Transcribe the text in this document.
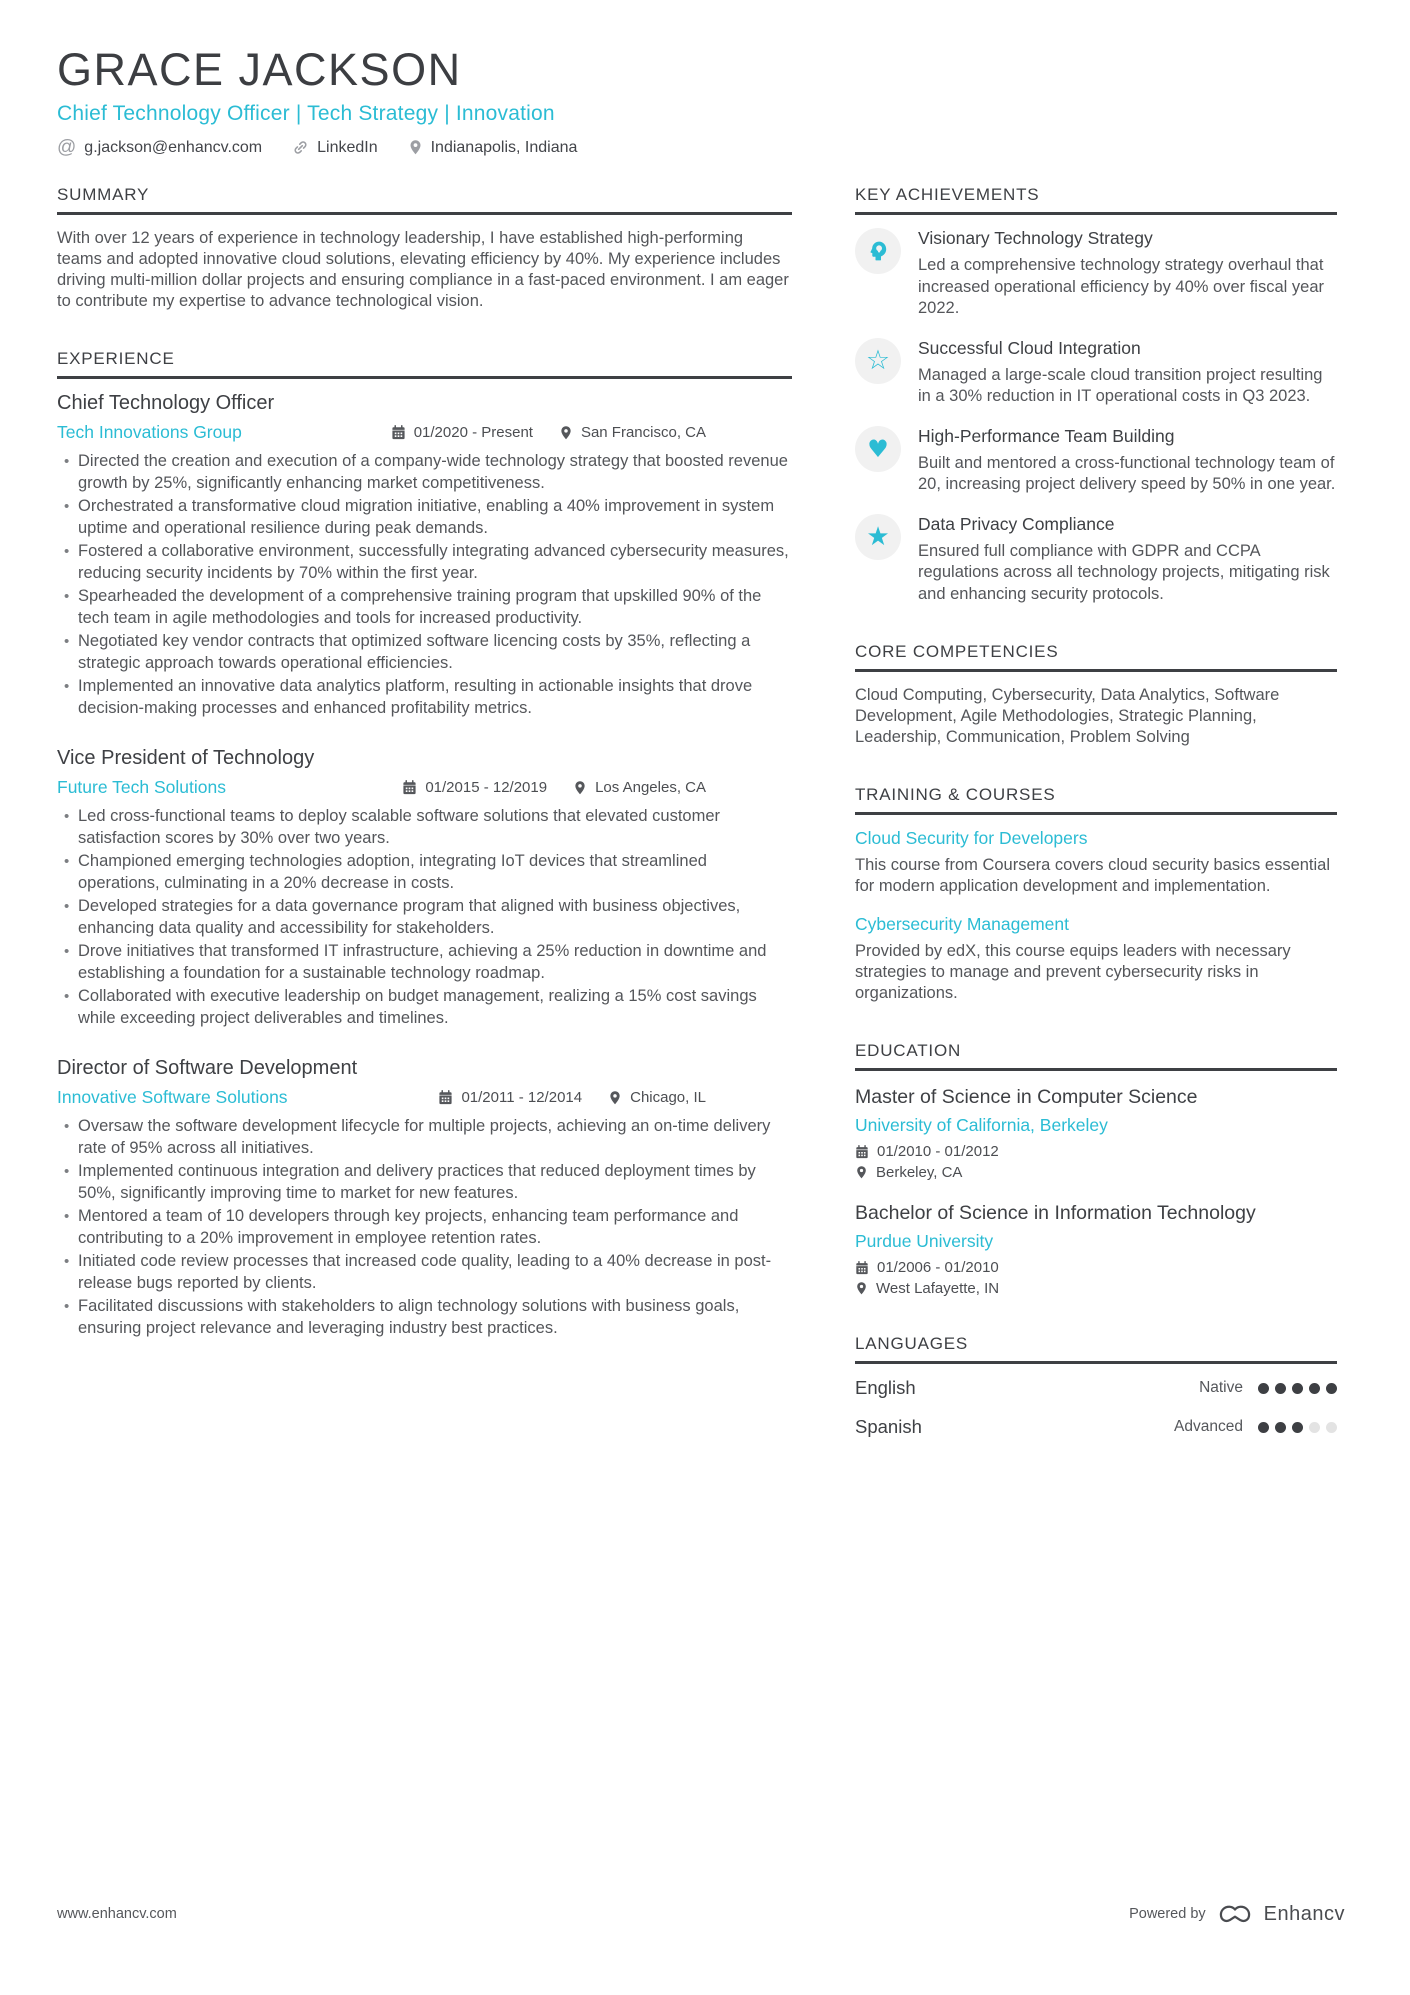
GRACE JACKSON
Chief Technology Officer | Tech Strategy | Innovation
@ g.jackson@enhancv.com	LinkedIn	Indianapolis, Indiana
SUMMARY

With over 12 years of experience in technology leadership, I have established high-performing teams and adopted innovative cloud solutions, elevating efficiency by 40%. My experience includes driving multi-million dollar projects and ensuring compliance in a fast-paced environment. I am eager to contribute my expertise to advance technological vision.

EXPERIENCE
Chief Technology Officer
Tech Innovations Group	01/2020 - Present	San Francisco, CA
• Directed the creation and execution of a company-wide technology strategy that boosted revenue growth by 25%, significantly enhancing market competitiveness.
• Orchestrated a transformative cloud migration initiative, enabling a 40% improvement in system uptime and operational resilience during peak demands.
• Fostered a collaborative environment, successfully integrating advanced cybersecurity measures, reducing security incidents by 70% within the first year.
• Spearheaded the development of a comprehensive training program that upskilled 90% of the tech team in agile methodologies and tools for increased productivity.
• Negotiated key vendor contracts that optimized software licencing costs by 35%, reflecting a strategic approach towards operational efficiencies.
• Implemented an innovative data analytics platform, resulting in actionable insights that drove decision-making processes and enhanced profitability metrics.
Vice President of Technology
Future Tech Solutions	01/2015 - 12/2019	Los Angeles, CA
• Led cross-functional teams to deploy scalable software solutions that elevated customer satisfaction scores by 30% over two years.
• Championed emerging technologies adoption, integrating IoT devices that streamlined operations, culminating in a 20% decrease in costs.
• Developed strategies for a data governance program that aligned with business objectives, enhancing data quality and accessibility for stakeholders.
• Drove initiatives that transformed IT infrastructure, achieving a 25% reduction in downtime and establishing a foundation for a sustainable technology roadmap.
• Collaborated with executive leadership on budget management, realizing a 15% cost savings while exceeding project deliverables and timelines.
Director of Software Development
Innovative Software Solutions	01/2011 - 12/2014	Chicago, IL
• Oversaw the software development lifecycle for multiple projects, achieving an on-time delivery rate of 95% across all initiatives.
• Implemented continuous integration and delivery practices that reduced deployment times by 50%, significantly improving time to market for new features.
• Mentored a team of 10 developers through key projects, enhancing team performance and contributing to a 20% improvement in employee retention rates.
• Initiated code review processes that increased code quality, leading to a 40% decrease in post-release bugs reported by clients.
• Facilitated discussions with stakeholders to align technology solutions with business goals, ensuring project relevance and leveraging industry best practices.
KEY ACHIEVEMENTS
Visionary Technology Strategy
Led a comprehensive technology strategy overhaul that increased operational efficiency by 40% over fiscal year 2022.
☆ Successful Cloud Integration
Managed a large-scale cloud transition project resulting in a 30% reduction in IT operational costs in Q3 2023.
♥ High-Performance Team Building
Built and mentored a cross-functional technology team of 20, increasing project delivery speed by 50% in one year.
★ Data Privacy Compliance
Ensured full compliance with GDPR and CCPA regulations across all technology projects, mitigating risk and enhancing security protocols.
CORE COMPETENCIES

Cloud Computing, Cybersecurity, Data Analytics, Software Development, Agile Methodologies, Strategic Planning, Leadership, Communication, Problem Solving

TRAINING & COURSES
Cloud Security for Developers

This course from Coursera covers cloud security basics essential for modern application development and implementation.

Cybersecurity Management

Provided by edX, this course equips leaders with necessary strategies to manage and prevent cybersecurity risks in organizations.

EDUCATION
Master of Science in Computer Science
University of California, Berkeley
01/2010 - 01/2012
Berkeley, CA
Bachelor of Science in Information Technology
Purdue University
01/2006 - 01/2010
West Lafayette, IN
LANGUAGES
English	Native
Spanish	Advanced
www.enhancv.com	Powered by	Enhancv
